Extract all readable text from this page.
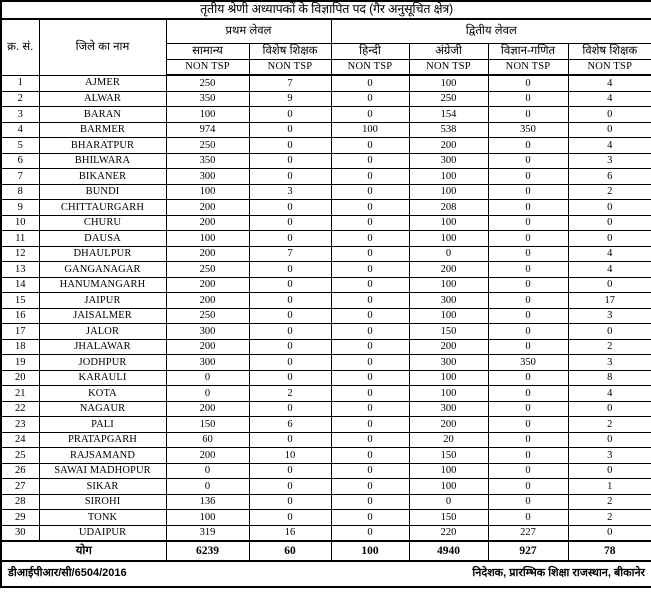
तृतीय श्रेणी अध्यापकों के विज्ञापित पद (गैर अनुसूचित क्षेत्र)							
क्र. सं.	जिले का नाम	प्रथम लेवल		द्वितीय लेवल			
		सामान्य	विशेष शिक्षक	हिन्दी	अंग्रेजी	विज्ञान-गणित	विशेष शिक्षक
		NON TSP	NON TSP	NON TSP	NON TSP	NON TSP	NON TSP
1	AJMER	250	7	0	100	0	4
2	ALWAR	350	9	0	250	0	4
3	BARAN	100	0	0	154	0	0
4	BARMER	974	0	100	538	350	0
5	BHARATPUR	250	0	0	200	0	4
6	BHILWARA	350	0	0	300	0	3
7	BIKANER	300	0	0	100	0	6
8	BUNDI	100	3	0	100	0	2
9	CHITTAURGARH	200	0	0	208	0	0
10	CHURU	200	0	0	100	0	0
11	DAUSA	100	0	0	100	0	0
12	DHAULPUR	200	7	0	0	0	4
13	GANGANAGAR	250	0	0	200	0	4
14	HANUMANGARH	200	0	0	100	0	0
15	JAIPUR	200	0	0	300	0	17
16	JAISALMER	250	0	0	100	0	3
17	JALOR	300	0	0	150	0	0
18	JHALAWAR	200	0	0	200	0	2
19	JODHPUR	300	0	0	300	350	3
20	KARAULI	0	0	0	100	0	8
21	KOTA	0	2	0	100	0	4
22	NAGAUR	200	0	0	300	0	0
23	PALI	150	6	0	200	0	2
24	PRATAPGARH	60	0	0	20	0	0
25	RAJSAMAND	200	10	0	150	0	3
26	SAWAI MADHOPUR	0	0	0	100	0	0
27	SIKAR	0	0	0	100	0	1
28	SIROHI	136	0	0	0	0	2
29	TONK	100	0	0	150	0	2
30	UDAIPUR	319	16	0	220	227	0
योग		6239	60	100	4940	927	78

डीआईपीआर/सी/6504/2016 निदेशक, प्रारम्भिक शिक्षा राजस्थान, बीकानेर							
